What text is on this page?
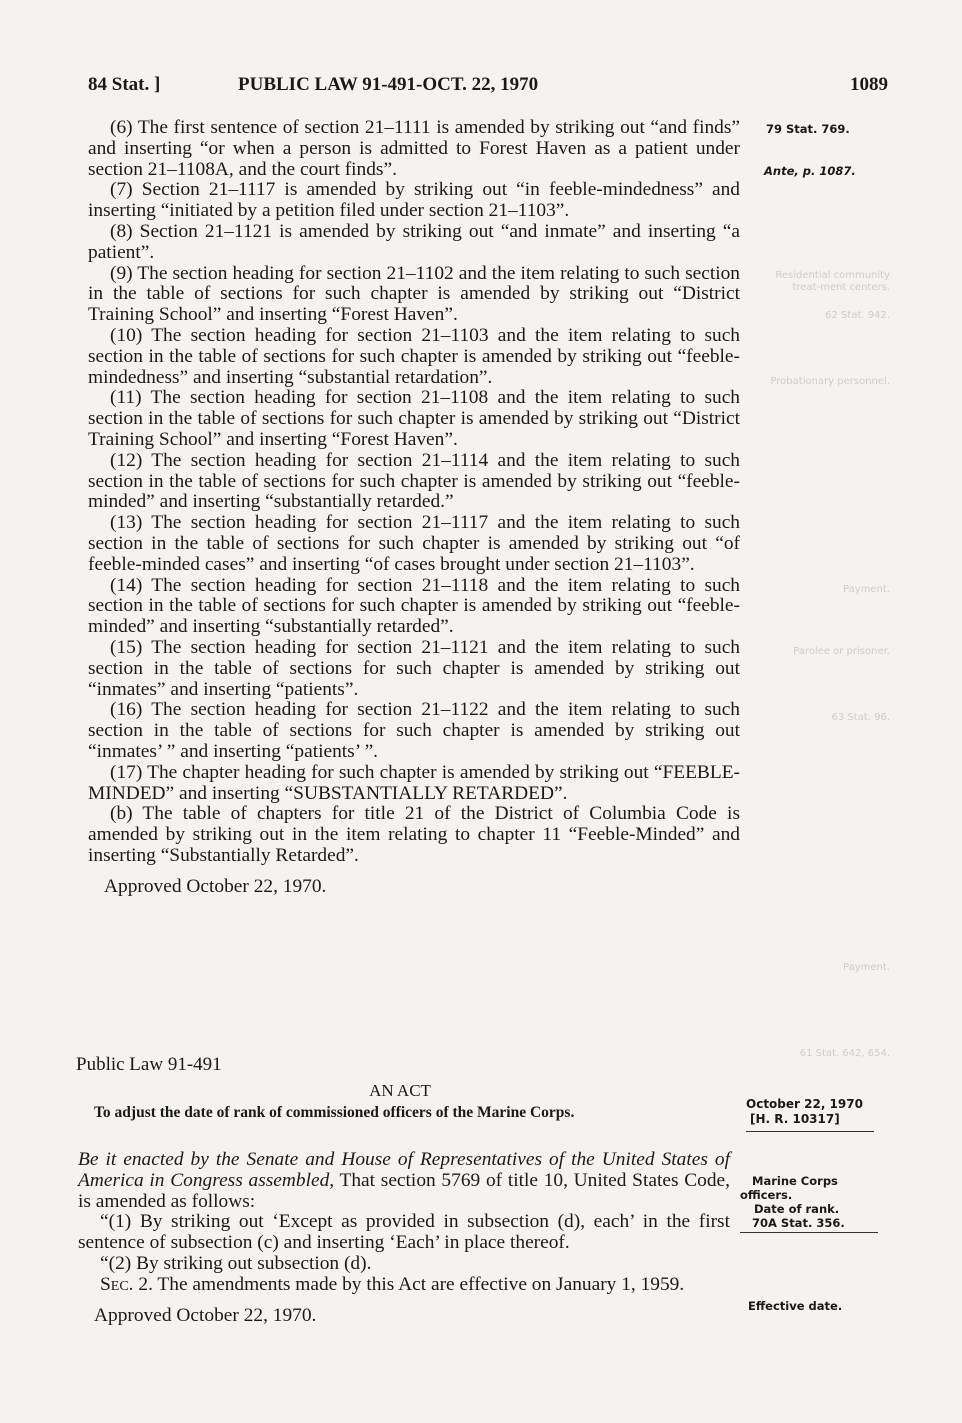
84 Stat. ]	PUBLIC LAW 91-491-OCT. 22, 1970	1089
79 Stat. 769.
Ante, p. 1087.
Residential community treat-ment centers.
62 Stat. 942.
Probationary personnel.
Payment.
Parolee or prisoner.
63 Stat. 96.
Payment.
61 Stat. 642, 654.

(6) The first sentence of section 21–1111 is amended by striking out “and finds” and inserting “or when a person is admitted to Forest Haven as a patient under section 21–1108A, and the court finds”.

(7) Section 21–1117 is amended by striking out “in feeble-mindedness” and inserting “initiated by a petition filed under section 21–1103”.

(8) Section 21–1121 is amended by striking out “and inmate” and inserting “a patient”.

(9) The section heading for section 21–1102 and the item relating to such section in the table of sections for such chapter is amended by striking out “District Training School” and inserting “Forest Haven”.

(10) The section heading for section 21–1103 and the item relating to such section in the table of sections for such chapter is amended by striking out “feeble-mindedness” and inserting “substantial retardation”.

(11) The section heading for section 21–1108 and the item relating to such section in the table of sections for such chapter is amended by striking out “District Training School” and inserting “Forest Haven”.

(12) The section heading for section 21–1114 and the item relating to such section in the table of sections for such chapter is amended by striking out “feeble-minded” and inserting “substantially retarded.”

(13) The section heading for section 21–1117 and the item relating to such section in the table of sections for such chapter is amended by striking out “of feeble-minded cases” and inserting “of cases brought under section 21–1103”.

(14) The section heading for section 21–1118 and the item relating to such section in the table of sections for such chapter is amended by striking out “feeble-minded” and inserting “substantially retarded”.

(15) The section heading for section 21–1121 and the item relating to such section in the table of sections for such chapter is amended by striking out “inmates” and inserting “patients”.

(16) The section heading for section 21–1122 and the item relating to such section in the table of sections for such chapter is amended by striking out “inmates’ ” and inserting “patients’ ”.

(17) The chapter heading for such chapter is amended by striking out “FEEBLE-MINDED” and inserting “SUBSTANTIALLY RETARDED”.

(b) The table of chapters for title 21 of the District of Columbia Code is amended by striking out in the item relating to chapter 11 “Feeble-Minded” and inserting “Substantially Retarded”.

Approved October 22, 1970.

Public Law 91-491
AN ACT
To adjust the date of rank of commissioned officers of the Marine Corps.	October 22, 1970
[H. R. 10317]

Be it enacted by the Senate and House of Representatives of the United States of America in Congress assembled, That section 5769 of title 10, United States Code, is amended as follows:

“(1) By striking out ‘Except as provided in subsection (d), each’ in the first sentence of subsection (c) and inserting ‘Each’ in place thereof.

“(2) By striking out subsection (d).

Sec. 2. The amendments made by this Act are effective on January 1, 1959.

Approved October 22, 1970.

Marine Corps
officers.
Date of rank.
70A Stat. 356.
Effective date.
